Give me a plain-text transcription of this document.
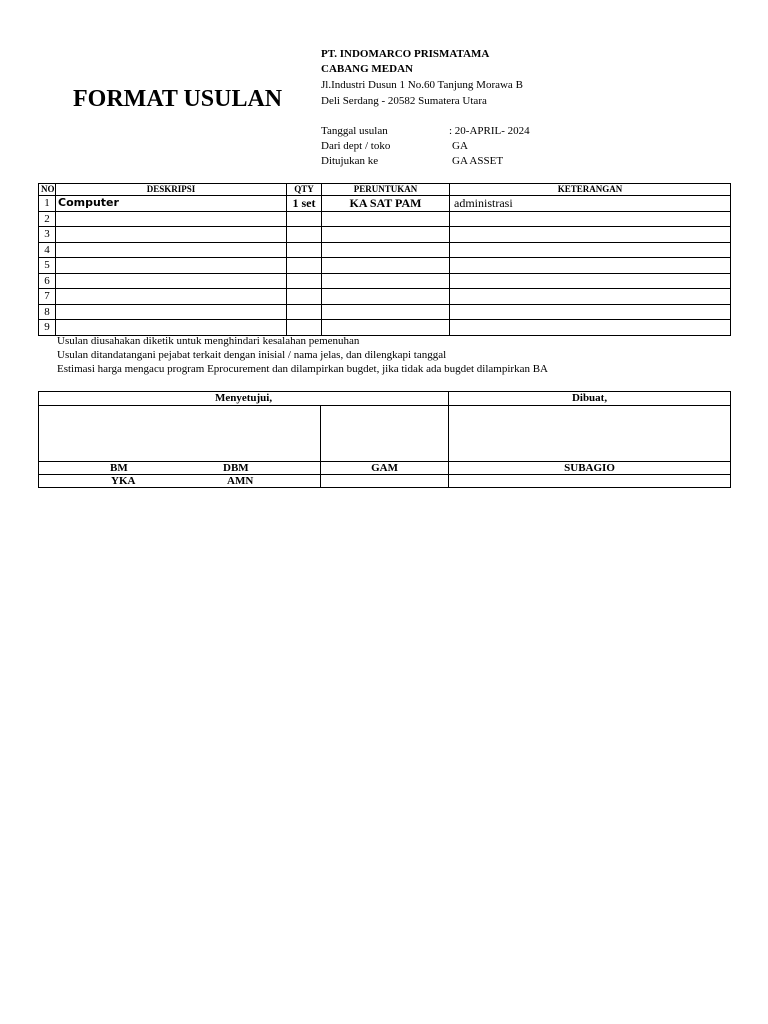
FORMAT USULAN
PT. INDOMARCO PRISMATAMA
CABANG MEDAN
Jl.Industri Dusun 1 No.60 Tanjung Morawa B
Deli Serdang - 20582 Sumatera Utara
Tanggal usulan	: 20-APRIL- 2024
Dari dept / toko	GA
Ditujukan ke	GA ASSET
NO	DESKRIPSI	QTY	PERUNTUKAN	KETERANGAN
1	Computer	1 set	KA SAT PAM	administrasi
2				
3				
4				
5				
6				
7				
8				
9				
Usulan diusahakan diketik untuk menghindari kesalahan pemenuhan
Usulan ditandatangani pejabat terkait dengan inisial / nama jelas, dan dilengkapi tanggal
Estimasi harga mengacu program Eprocurement dan dilampirkan bugdet, jika tidak ada bugdet dilampirkan BA
Menyetujui,		Dibuat,

BM DBM	GAM	SUBAGIO

YKA AMN		
